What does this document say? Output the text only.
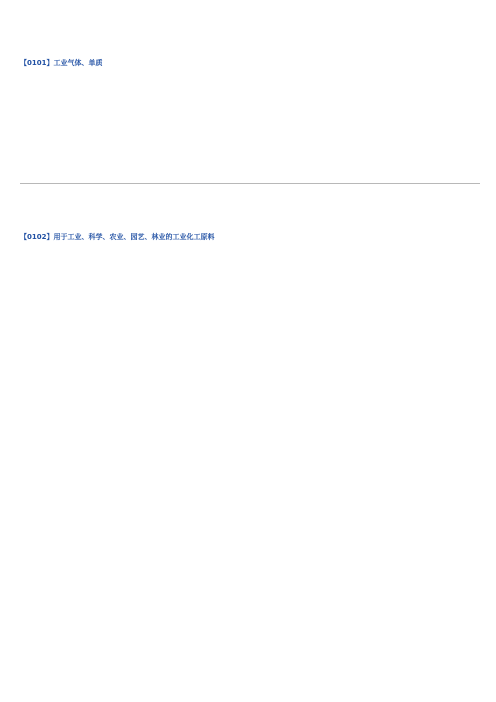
【0101】工业气体、单质
【0102】用于工业、科学、农业、园艺、林业的工业化工原料
